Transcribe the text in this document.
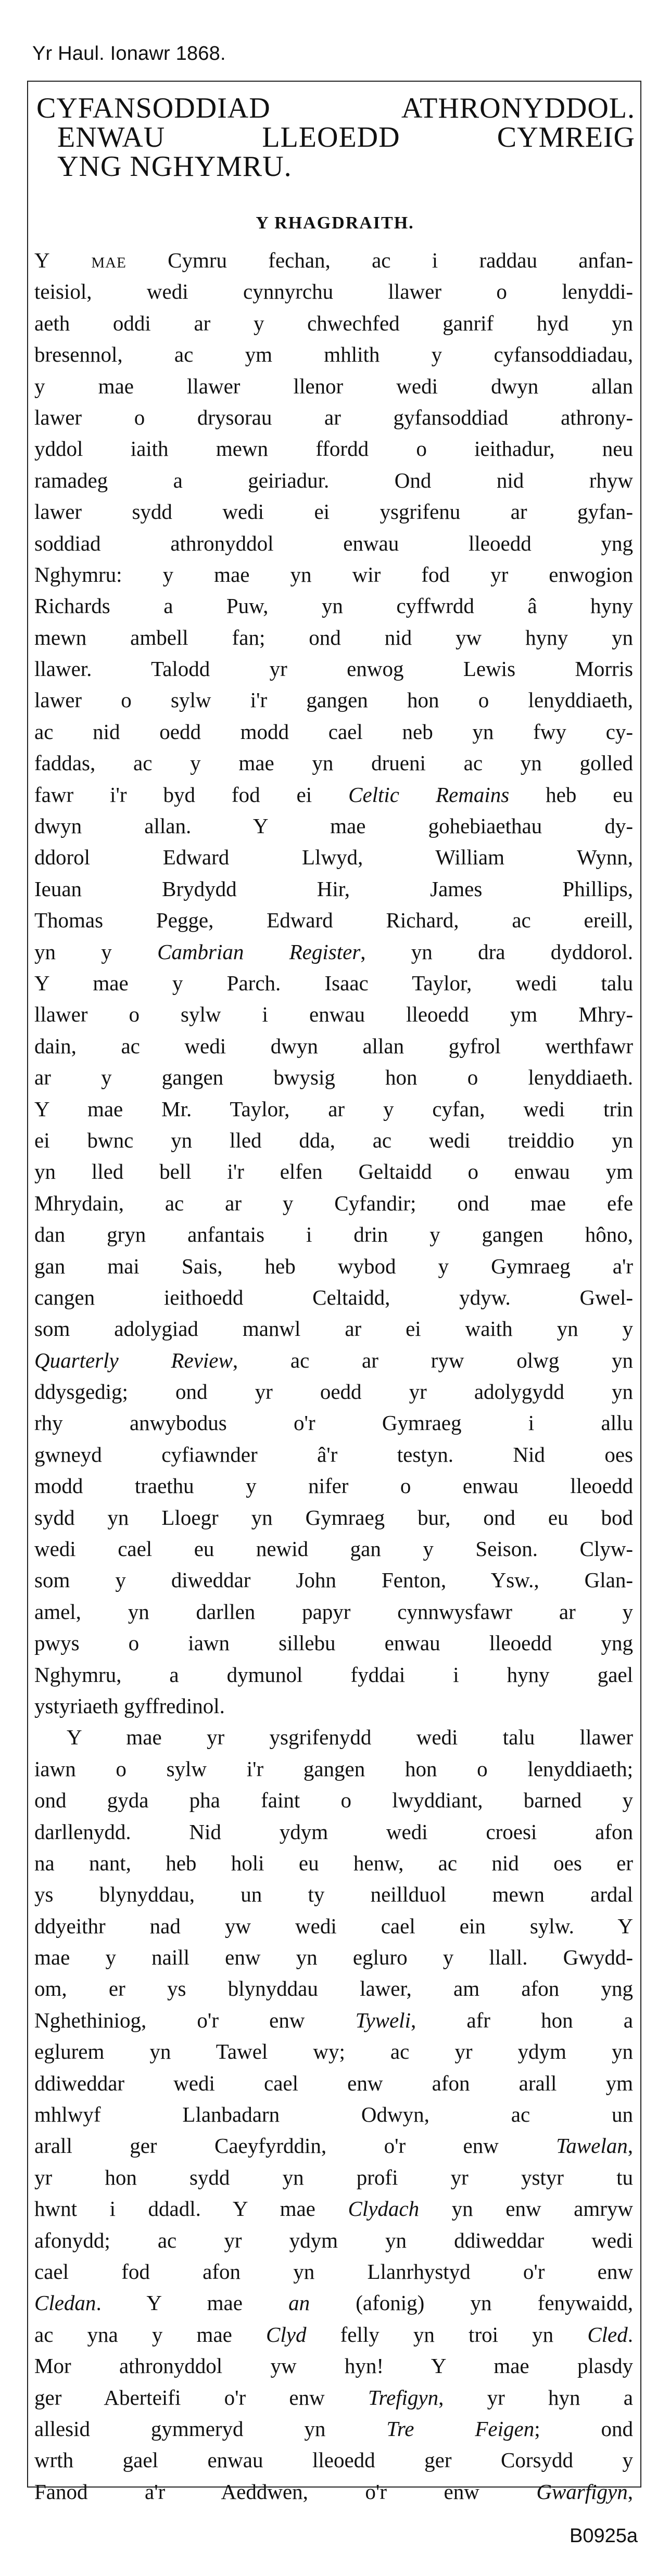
Yr Haul. Ionawr 1868.
CYFANSODDIAD ATHRONYDDOL.
ENWAU LLEOEDD CYMREIG
YNG NGHYMRU.
Y RHAGDRAITH.
Y mae Cymru fechan, ac i raddau anfan-
teisiol, wedi cynnyrchu llawer o lenyddi-
aeth oddi ar y chwechfed ganrif hyd yn
bresennol, ac ym mhlith y cyfansoddiadau,
y mae llawer llenor wedi dwyn allan
lawer o drysorau ar gyfansoddiad athrony-
yddol iaith mewn ffordd o ieithadur, neu
ramadeg a geiriadur. Ond nid rhyw
lawer sydd wedi ei ysgrifenu ar gyfan-
soddiad athronyddol enwau lleoedd yng
Nghymru: y mae yn wir fod yr enwogion
Richards a Puw, yn cyffwrdd â hyny
mewn ambell fan; ond nid yw hyny yn
llawer. Talodd yr enwog Lewis Morris
lawer o sylw i'r gangen hon o lenyddiaeth,
ac nid oedd modd cael neb yn fwy cy-
faddas, ac y mae yn drueni ac yn golled
fawr i'r byd fod ei Celtic Remains heb eu
dwyn allan. Y mae gohebiaethau dy-
ddorol Edward Llwyd, William Wynn,
Ieuan Brydydd Hir, James Phillips,
Thomas Pegge, Edward Richard, ac ereill,
yn y Cambrian Register, yn dra dyddorol.
Y mae y Parch. Isaac Taylor, wedi talu
llawer o sylw i enwau lleoedd ym Mhry-
dain, ac wedi dwyn allan gyfrol werthfawr
ar y gangen bwysig hon o lenyddiaeth.
Y mae Mr. Taylor, ar y cyfan, wedi trin
ei bwnc yn lled dda, ac wedi treiddio yn
yn lled bell i'r elfen Geltaidd o enwau ym
Mhrydain, ac ar y Cyfandir; ond mae efe
dan gryn anfantais i drin y gangen hôno,
gan mai Sais, heb wybod y Gymraeg a'r
cangen ieithoedd Celtaidd, ydyw. Gwel-
som adolygiad manwl ar ei waith yn y
Quarterly Review, ac ar ryw olwg yn
ddysgedig; ond yr oedd yr adolygydd yn
rhy anwybodus o'r Gymraeg i allu
gwneyd cyfiawnder â'r testyn. Nid oes
modd traethu y nifer o enwau lleoedd
sydd yn Lloegr yn Gymraeg bur, ond eu bod
wedi cael eu newid gan y Seison. Clyw-
som y diweddar John Fenton, Ysw., Glan-
amel, yn darllen papyr cynnwysfawr ar y
pwys o iawn sillebu enwau lleoedd yng
Nghymru, a dymunol fyddai i hyny gael
ystyriaeth gyffredinol.
Y mae yr ysgrifenydd wedi talu llawer
iawn o sylw i'r gangen hon o lenyddiaeth;
ond gyda pha faint o lwyddiant, barned y
darllenydd. Nid ydym wedi croesi afon
na nant, heb holi eu henw, ac nid oes er
ys blynyddau, un ty neillduol mewn ardal
ddyeithr nad yw wedi cael ein sylw. Y
mae y naill enw yn egluro y llall. Gwydd-
om, er ys blynyddau lawer, am afon yng
Nghethiniog, o'r enw Tyweli, afr hon a
eglurem yn Tawel wy; ac yr ydym yn
ddiweddar wedi cael enw afon arall ym
mhlwyf Llanbadarn Odwyn, ac un
arall ger Caeyfyrddin, o'r enw Tawelan,
yr hon sydd yn profi yr ystyr tu
hwnt i ddadl. Y mae Clydach yn enw amryw
afonydd; ac yr ydym yn ddiweddar wedi
cael fod afon yn Llanrhystyd o'r enw
Cledan. Y mae an (afonig) yn fenywaidd,
ac yna y mae Clyd felly yn troi yn Cled.
Mor athronyddol yw hyn! Y mae plasdy
ger Aberteifi o'r enw Trefigyn, yr hyn a
allesid gymmeryd yn Tre Feigen; ond
wrth gael enwau lleoedd ger Corsydd y
Fanod a'r Aeddwen, o'r enw Gwarfigyn,
B0925a
